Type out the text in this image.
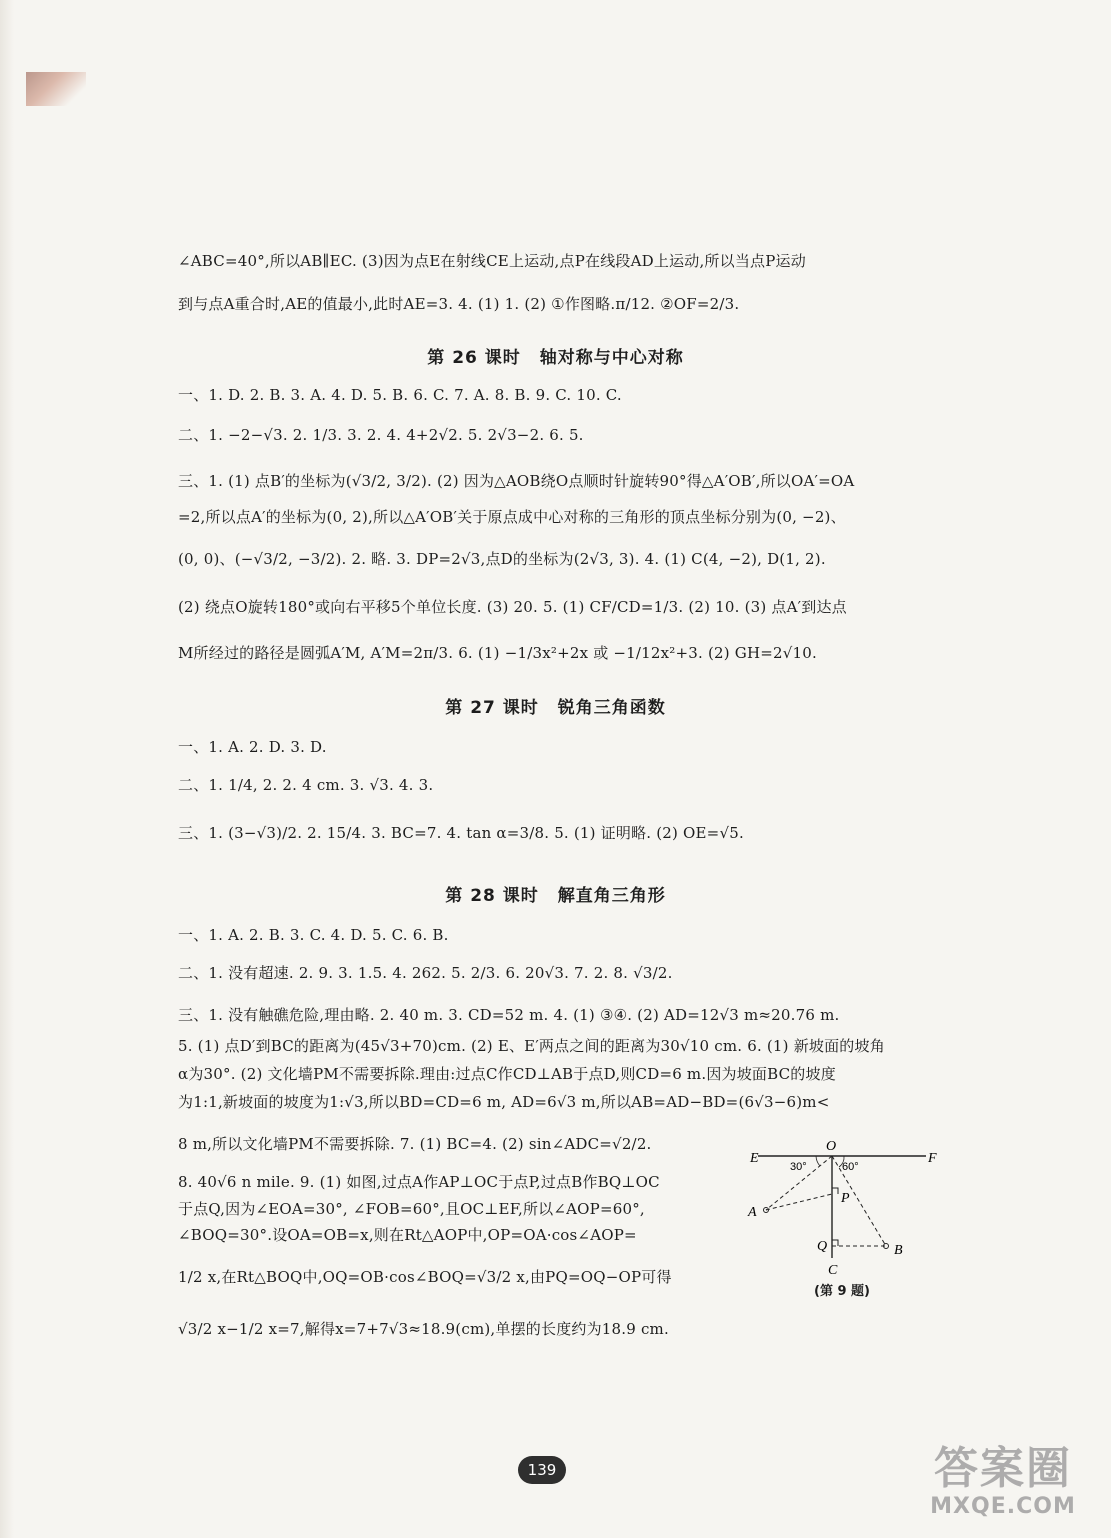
∠ABC=40°,所以AB∥EC. (3)因为点E在射线CE上运动,点P在线段AD上运动,所以当点P运动
到与点A重合时,AE的值最小,此时AE=3. 4. (1) 1. (2) ①作图略.π/12. ②OF=2/3.
第 26 课时 轴对称与中心对称
一、1. D. 2. B. 3. A. 4. D. 5. B. 6. C. 7. A. 8. B. 9. C. 10. C.
二、1. −2−√3. 2. 1/3. 3. 2. 4. 4+2√2. 5. 2√3−2. 6. 5.
三、1. (1) 点B′的坐标为(√3/2, 3/2). (2) 因为△AOB绕O点顺时针旋转90°得△A′OB′,所以OA′=OA
=2,所以点A′的坐标为(0, 2),所以△A′OB′关于原点成中心对称的三角形的顶点坐标分别为(0, −2)、
(0, 0)、(−√3/2, −3/2). 2. 略. 3. DP=2√3,点D的坐标为(2√3, 3). 4. (1) C(4, −2), D(1, 2).
(2) 绕点O旋转180°或向右平移5个单位长度. (3) 20. 5. (1) CF/CD=1/3. (2) 10. (3) 点A′到达点
M所经过的路径是圆弧A′M, A′M=2π/3. 6. (1) −1/3x²+2x 或 −1/12x²+3. (2) GH=2√10.
第 27 课时 锐角三角函数
一、1. A. 2. D. 3. D.
二、1. 1/4, 2. 2. 4 cm. 3. √3. 4. 3.
三、1. (3−√3)/2. 2. 15/4. 3. BC=7. 4. tan α=3/8. 5. (1) 证明略. (2) OE=√5.
第 28 课时 解直角三角形
一、1. A. 2. B. 3. C. 4. D. 5. C. 6. B.
二、1. 没有超速. 2. 9. 3. 1.5. 4. 262. 5. 2/3. 6. 20√3. 7. 2. 8. √3/2.
三、1. 没有触礁危险,理由略. 2. 40 m. 3. CD=52 m. 4. (1) ③④. (2) AD=12√3 m≈20.76 m.
5. (1) 点D′到BC的距离为(45√3+70)cm. (2) E、E′两点之间的距离为30√10 cm. 6. (1) 新坡面的坡角
α为30°. (2) 文化墙PM不需要拆除.理由:过点C作CD⊥AB于点D,则CD=6 m.因为坡面BC的坡度
为1:1,新坡面的坡度为1:√3,所以BD=CD=6 m, AD=6√3 m,所以AB=AD−BD=(6√3−6)m<
8 m,所以文化墙PM不需要拆除. 7. (1) BC=4. (2) sin∠ADC=√2/2.
8. 40√6 n mile. 9. (1) 如图,过点A作AP⊥OC于点P,过点B作BQ⊥OC
于点Q,因为∠EOA=30°, ∠FOB=60°,且OC⊥EF,所以∠AOP=60°,
∠BOQ=30°.设OA=OB=x,则在Rt△AOP中,OP=OA·cos∠AOP=
1/2 x,在Rt△BOQ中,OQ=OB·cos∠BOQ=√3/2 x,由PQ=OQ−OP可得
√3/2 x−1/2 x=7,解得x=7+7√3≈18.9(cm),单摆的长度约为18.9 cm.
E
O
F
A
P
Q	B
C
30°	60°
(第 9 题)
139	答案圈
MXQE.COM
